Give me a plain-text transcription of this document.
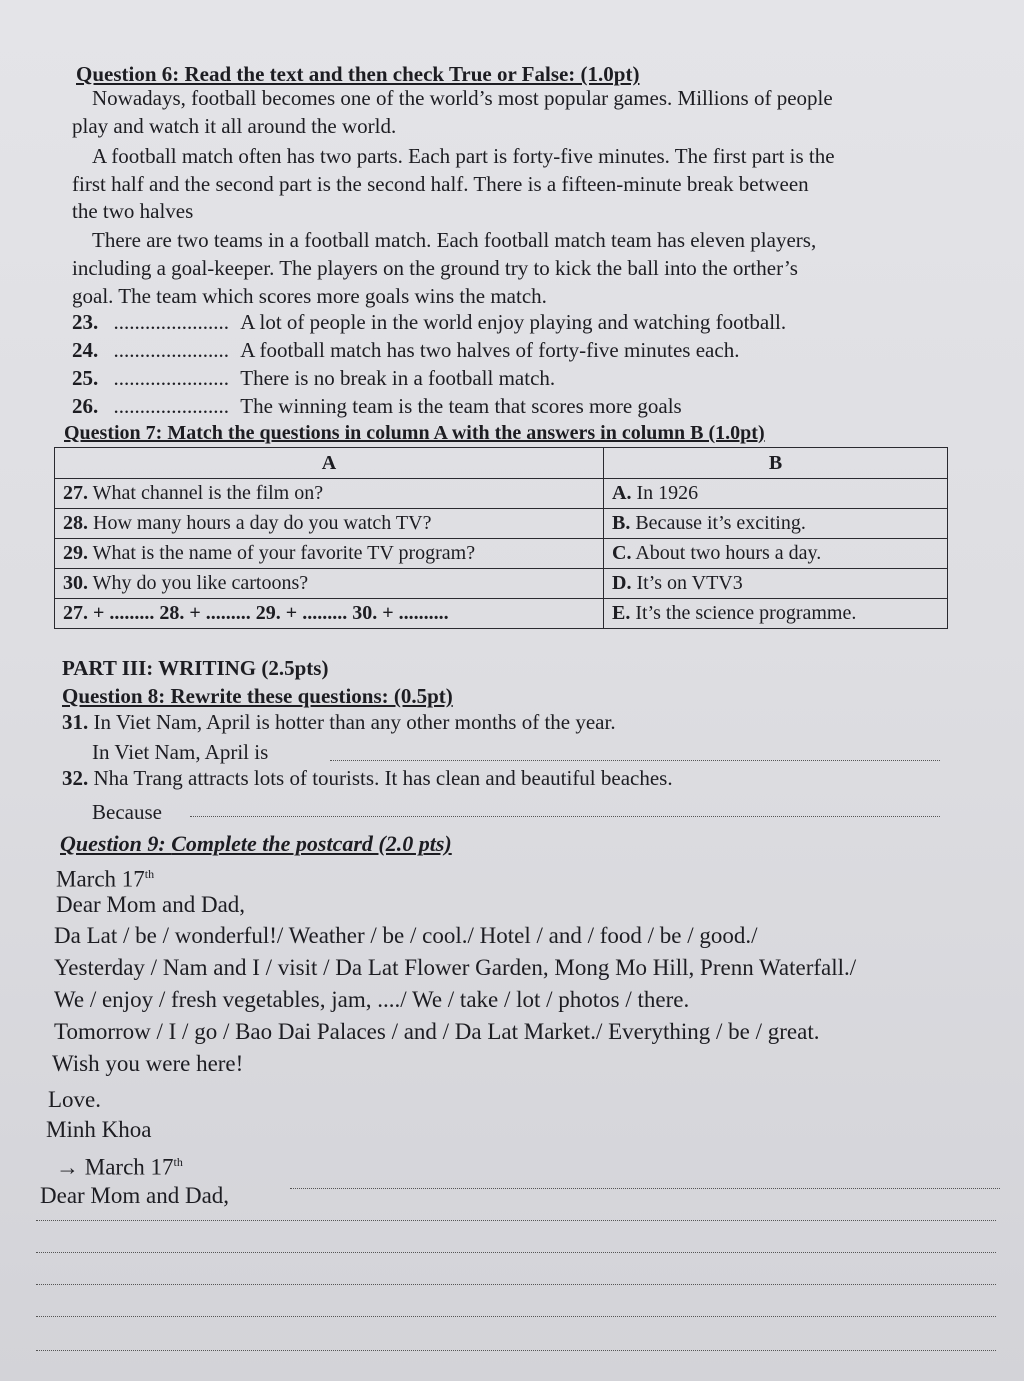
Question 6: Read the text and then check True or False: (1.0pt)
Nowadays, football becomes one of the world’s most popular games. Millions of people
play and watch it all around the world.
A football match often has two parts. Each part is forty-five minutes. The first part is the
first half and the second part is the second half. There is a fifteen-minute break between
the two halves
There are two teams in a football match. Each football match team has eleven players,
including a goal-keeper. The players on the ground try to kick the ball into the orther’s
goal. The team which scores more goals wins the match.
23. ...................... A lot of people in the world enjoy playing and watching football.
24. ...................... A football match has two halves of forty-five minutes each.
25. ...................... There is no break in a football match.
26. ...................... The winning team is the team that scores more goals
Question 7: Match the questions in column A with the answers in column B (1.0pt)
A	B
27. What channel is the film on?	A. In 1926
28. How many hours a day do you watch TV?	B. Because it’s exciting.
29. What is the name of your favorite TV program?	C. About two hours a day.
30. Why do you like cartoons?	D. It’s on VTV3
27. + ......... 28. + ......... 29. + ......... 30. + ..........	E. It’s the science programme.
PART III: WRITING (2.5pts)
Question 8: Rewrite these questions: (0.5pt)
31. In Viet Nam, April is hotter than any other months of the year.
In Viet Nam, April is
32. Nha Trang attracts lots of tourists. It has clean and beautiful beaches.
Because
Question 9: Complete the postcard (2.0 pts)
March 17th
Dear Mom and Dad,
Da Lat / be / wonderful!/ Weather / be / cool./ Hotel / and / food / be / good./
Yesterday / Nam and I / visit / Da Lat Flower Garden, Mong Mo Hill, Prenn Waterfall./
We / enjoy / fresh vegetables, jam, ..../ We / take / lot / photos / there.
Tomorrow / I / go / Bao Dai Palaces / and / Da Lat Market./ Everything / be / great.
Wish you were here!
Love.
Minh Khoa
→ March 17th
Dear Mom and Dad,
